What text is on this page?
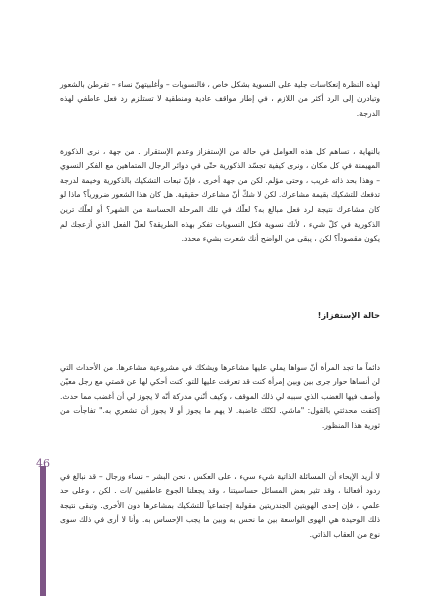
لهذه النظرة إنعكاسات جلية على النسوية بشكل خاص ، فالنسويات – وأغلبيتهنّ نساء – تفرطن بالشعور وتبادرن إلى الرد أكثر من اللازم ، في إطار مواقف عادية ومنطقية لا تستلزم رد فعل عاطفي لهذه الدرجة.

بالنهاية ، تساهم كل هذه العوامل في حالة من الإستفزاز وعدم الإستقرار . من جهة ، نرى الذكورة المهيمنة في كل مكان ، ونرى كيفية تجسّد الذكورية حتّى في دوائر الرجال المتماهين مع الفكر النسوي – وهذا بحد ذاته غريب ، وحتى مؤلم. لكن من جهة أخرى ، فإنّ تبعات التشكيك بالذكورية وخيمة لدرجة تدفعك للتشكيك بقيمة مشاعرك. لكن لا شكّ أنّ مشاعرك حقيقية. هل كان هذا الشعور ضرورياً؟ ماذا لو كان مشاعرك نتيجة لرد فعل مبالغ به؟ لعلّك في تلك المرحلة الحساسة من الشهر؟ أو لعلّك ترين الذكورية في كلّ شيء ، لأنك نسوية فكل النسويات تفكر بهذه الطريقة؟ لعلّ الفعل الذي أزعجك لم يكون مقصوداً؟ لكن ، يبقى من الواضح أنك شعرت بشيء محدد.

حالة الإستفزاز!

دائماً ما تجد المرأة أنّ سواها يملي عليها مشاعرها ويشكك في مشروعية مشاعرها. من الأحداث التي لن أنساها حوار جرى بين وبين إمرأة كنت قد تعرفت عليها للتو. كنت أحكي لها عن قصتي مع رجل معيّن وأصف فيها الغضب الذي سببه لي ذلك الموقف ، وكيف أنّني مدركة أنّه لا يجوز لي أن أغضب مما حدث. إكتفت محدثتي بالقول: "ماشي. لكنّك غاضبة. لا يهم ما يجوز أو لا يجوز أن تشعري به." تفاجأت من ثورية هذا المنظور.

لا أريد الإيحاء أن المسائلة الذاتية شيء سيء ، على العكس ، نحن البشر – نساء ورجال – قد نبالغ في ردود أفعالنا ، وقد تثير بعض المسائل حساسيتنا ، وقد يجعلنا الجوع عاطفيين /ات . لكن ، وعلى حد علمي ، فإن إحدى الهويتين الجندريتين مقولبة إجتماعياً للتشكيك بمشاعرها دون الأخرى. وتبقى نتيجة ذلك الوحيدة هي الهوى الواسعة بين ما نحس به وبين ما يجب الإحساس به. وأنا لا أرى في ذلك سوى نوع من العقاب الذاتي.

46
